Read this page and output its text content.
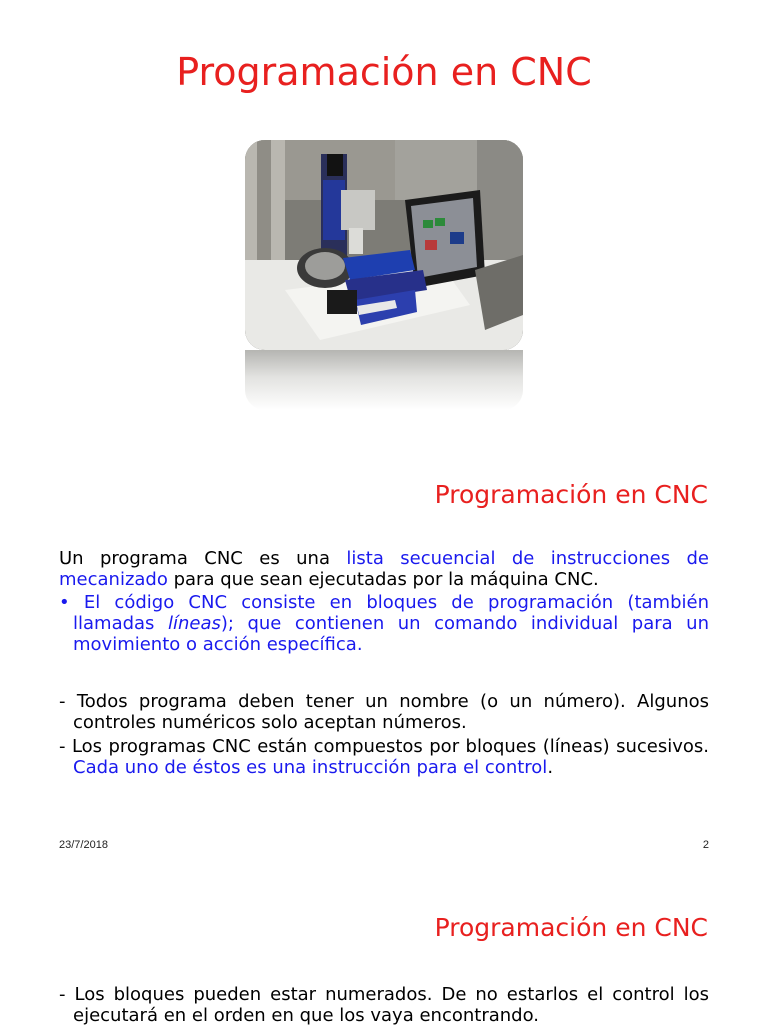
Programación en CNC
Programación en CNC
Un programa CNC es una lista secuencial de instrucciones de mecanizado para que sean ejecutadas por la máquina CNC.
• El código CNC consiste en bloques de programación (también llamadas líneas); que contienen un comando individual para un movimiento o acción específica.
- Todos programa deben tener un nombre (o un número). Algunos controles numéricos solo aceptan números.
- Los programas CNC están compuestos por bloques (líneas) sucesivos. Cada uno de éstos es una instrucción para el control.
23/7/2018	2
Programación en CNC
- Los bloques pueden estar numerados. De no estarlos el control los ejecutará en el orden en que los vaya encontrando.
